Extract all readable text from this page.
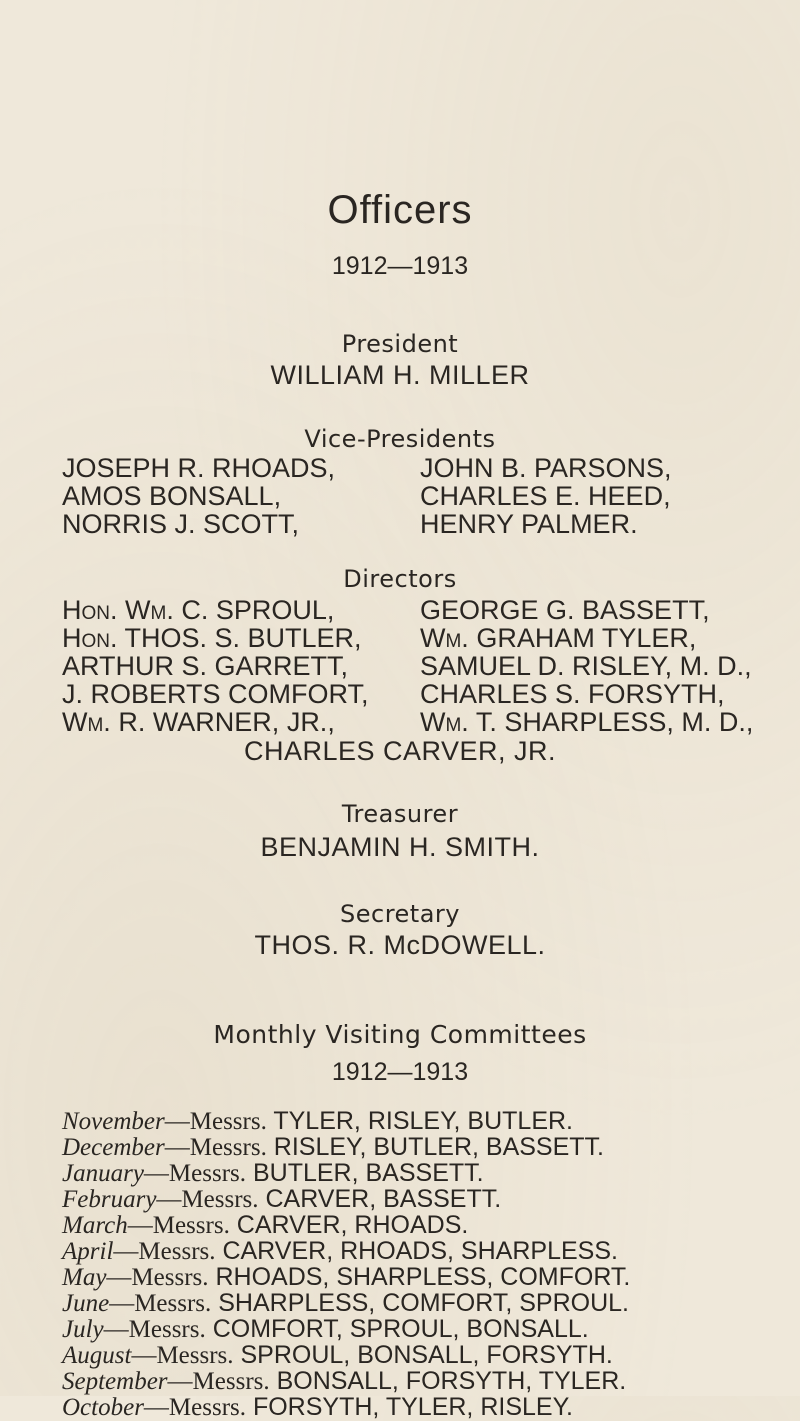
Officers
1912—1913
President
WILLIAM H. MILLER
Vice-Presidents
JOSEPH R. RHOADS,
AMOS BONSALL,
NORRIS J. SCOTT,
JOHN B. PARSONS,
CHARLES E. HEED,
HENRY PALMER.
Directors
Hon. Wm. C. SPROUL,
Hon. THOS. S. BUTLER,
ARTHUR S. GARRETT,
J. ROBERTS COMFORT,
Wm. R. WARNER, JR.,
GEORGE G. BASSETT,
Wm. GRAHAM TYLER,
SAMUEL D. RISLEY, M. D.,
CHARLES S. FORSYTH,
Wm. T. SHARPLESS, M. D.,
CHARLES CARVER, JR.
Treasurer
BENJAMIN H. SMITH.
Secretary
THOS. R. McDOWELL.
Monthly Visiting Committees
1912—1913
November—Messrs. TYLER, RISLEY, BUTLER.
December—Messrs. RISLEY, BUTLER, BASSETT.
January—Messrs. BUTLER, BASSETT.
February—Messrs. CARVER, BASSETT.
March—Messrs. CARVER, RHOADS.
April—Messrs. CARVER, RHOADS, SHARPLESS.
May—Messrs. RHOADS, SHARPLESS, COMFORT.
June—Messrs. SHARPLESS, COMFORT, SPROUL.
July—Messrs. COMFORT, SPROUL, BONSALL.
August—Messrs. SPROUL, BONSALL, FORSYTH.
September—Messrs. BONSALL, FORSYTH, TYLER.
October—Messrs. FORSYTH, TYLER, RISLEY.
